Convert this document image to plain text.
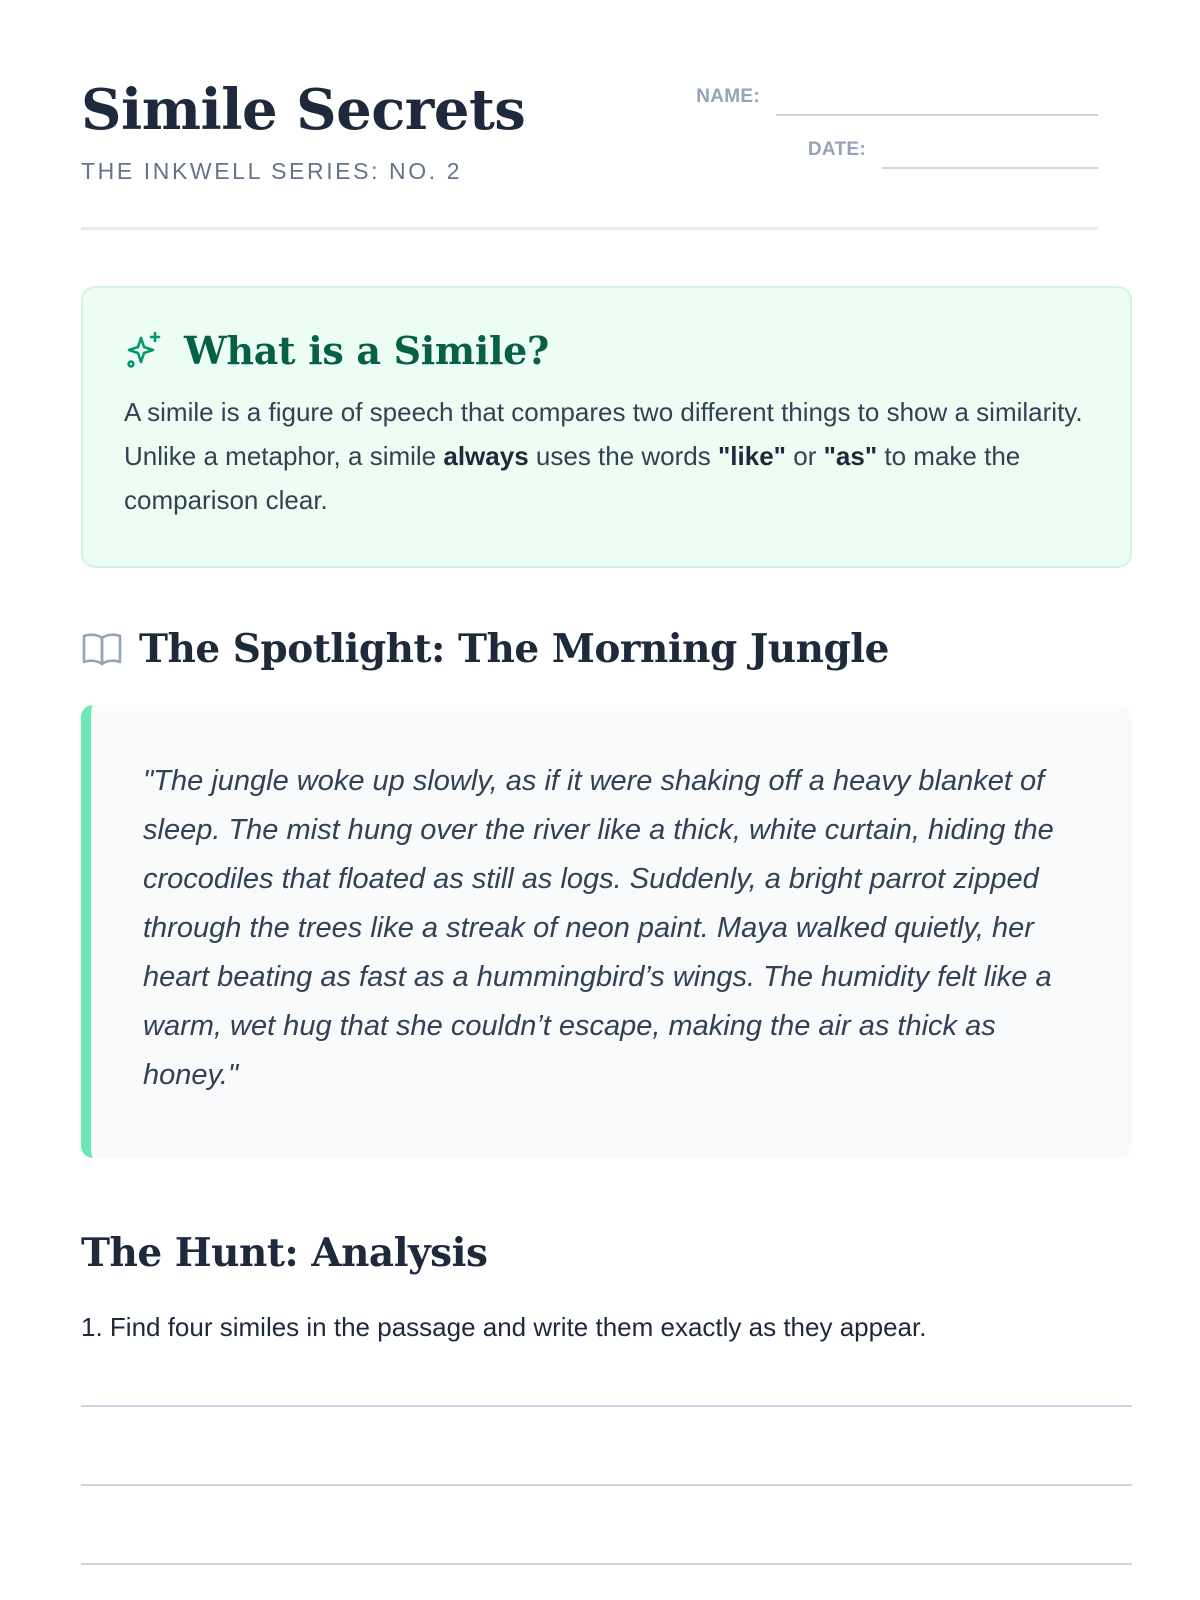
Simile Secrets
THE INKWELL SERIES: NO. 2
NAME:
DATE:
What is a Simile?
A simile is a figure of speech that compares two different things to show a similarity. Unlike a metaphor, a simile always uses the words "like" or "as" to make the comparison clear.
The Spotlight: The Morning Jungle
"The jungle woke up slowly, as if it were shaking off a heavy blanket of sleep. The mist hung over the river like a thick, white curtain, hiding the crocodiles that floated as still as logs. Suddenly, a bright parrot zipped through the trees like a streak of neon paint. Maya walked quietly, her heart beating as fast as a hummingbird’s wings. The humidity felt like a warm, wet hug that she couldn’t escape, making the air as thick as honey."
The Hunt: Analysis
1. Find four similes in the passage and write them exactly as they appear.
